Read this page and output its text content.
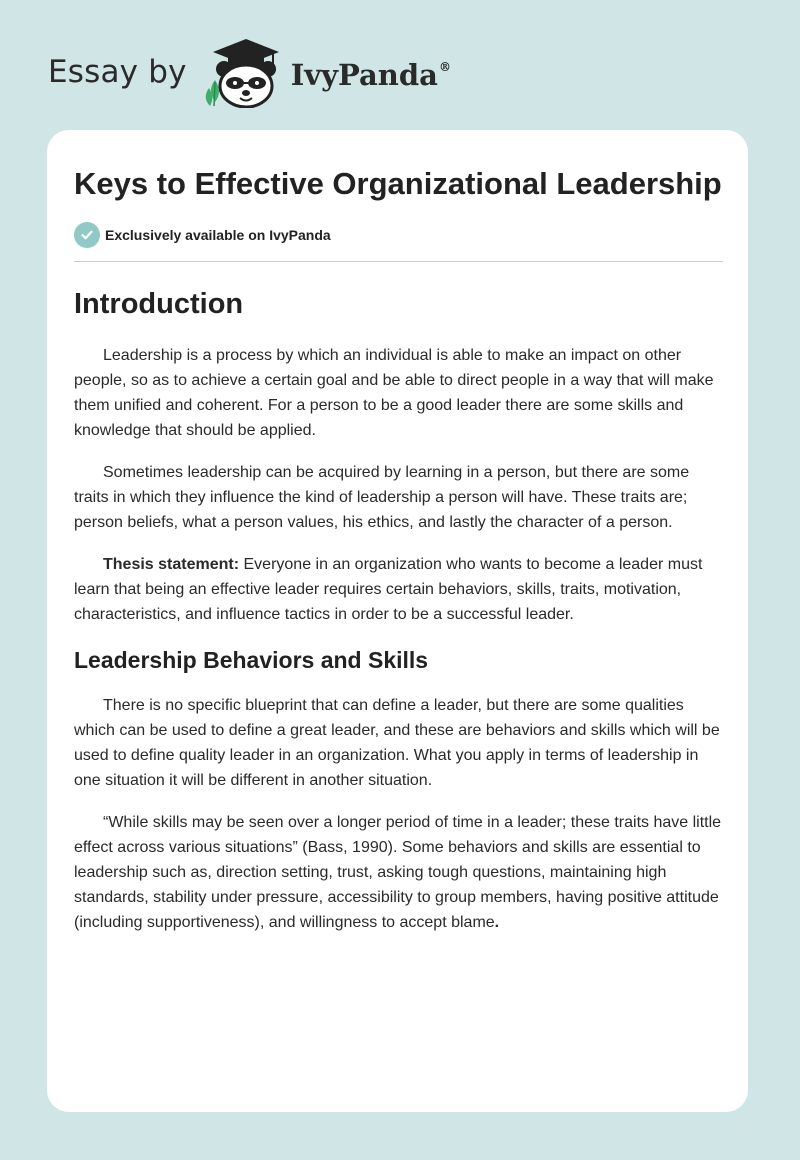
Essay by	IvyPanda®
Keys to Effective Organizational Leadership
Exclusively available on IvyPanda
Introduction

Leadership is a process by which an individual is able to make an impact on other people, so as to achieve a certain goal and be able to direct people in a way that will make them unified and coherent. For a person to be a good leader there are some skills and knowledge that should be applied.

Sometimes leadership can be acquired by learning in a person, but there are some traits in which they influence the kind of leadership a person will have. These traits are; person beliefs, what a person values, his ethics, and lastly the character of a person.

Thesis statement: Everyone in an organization who wants to become a leader must learn that being an effective leader requires certain behaviors, skills, traits, motivation, characteristics, and influence tactics in order to be a successful leader.

Leadership Behaviors and Skills

There is no specific blueprint that can define a leader, but there are some qualities which can be used to define a great leader, and these are behaviors and skills which will be used to define quality leader in an organization. What you apply in terms of leadership in one situation it will be different in another situation.

“While skills may be seen over a longer period of time in a leader; these traits have little effect across various situations” (Bass, 1990). Some behaviors and skills are essential to leadership such as, direction setting, trust, asking tough questions, maintaining high standards, stability under pressure, accessibility to group members, having positive attitude (including supportiveness), and willingness to accept blame.
